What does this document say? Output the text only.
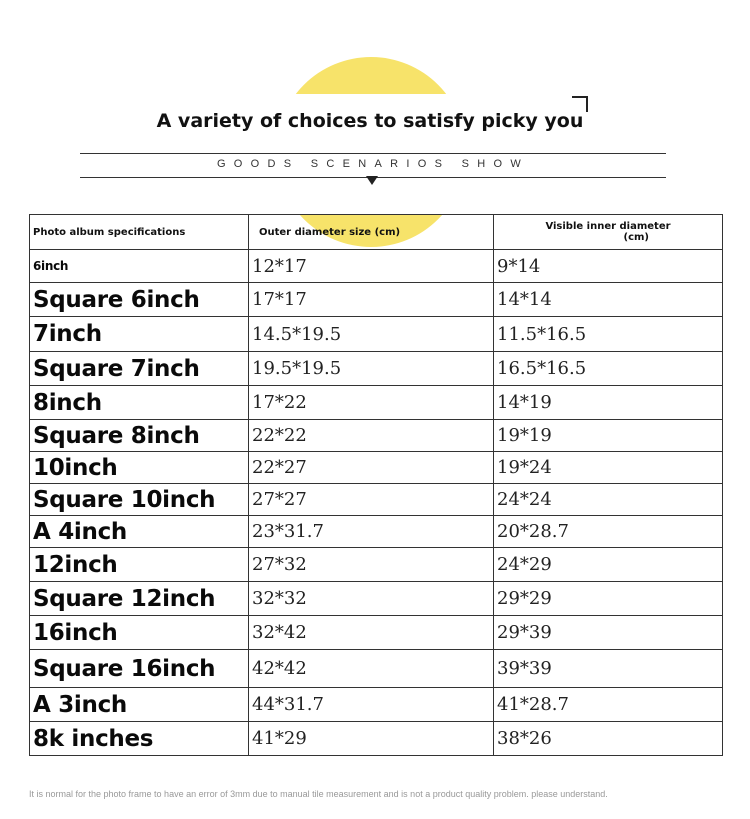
A variety of choices to satisfy picky you
GOODS SCENARIOS SHOW
Photo album specifications	Outer diameter size (cm)	Visible inner diameter
(cm)

6inch	12*17	9*14
Square 6inch	17*17	14*14
7inch	14.5*19.5	11.5*16.5
Square 7inch	19.5*19.5	16.5*16.5
8inch	17*22	14*19
Square 8inch	22*22	19*19
10inch	22*27	19*24
Square 10inch	27*27	24*24
A 4inch	23*31.7	20*28.7
12inch	27*32	24*29
Square 12inch	32*32	29*29
16inch	32*42	29*39
Square 16inch	42*42	39*39
A 3inch	44*31.7	41*28.7
8k inches	41*29	38*26
It is normal for the photo frame to have an error of 3mm due to manual tile measurement and is not a product quality problem. please understand.
